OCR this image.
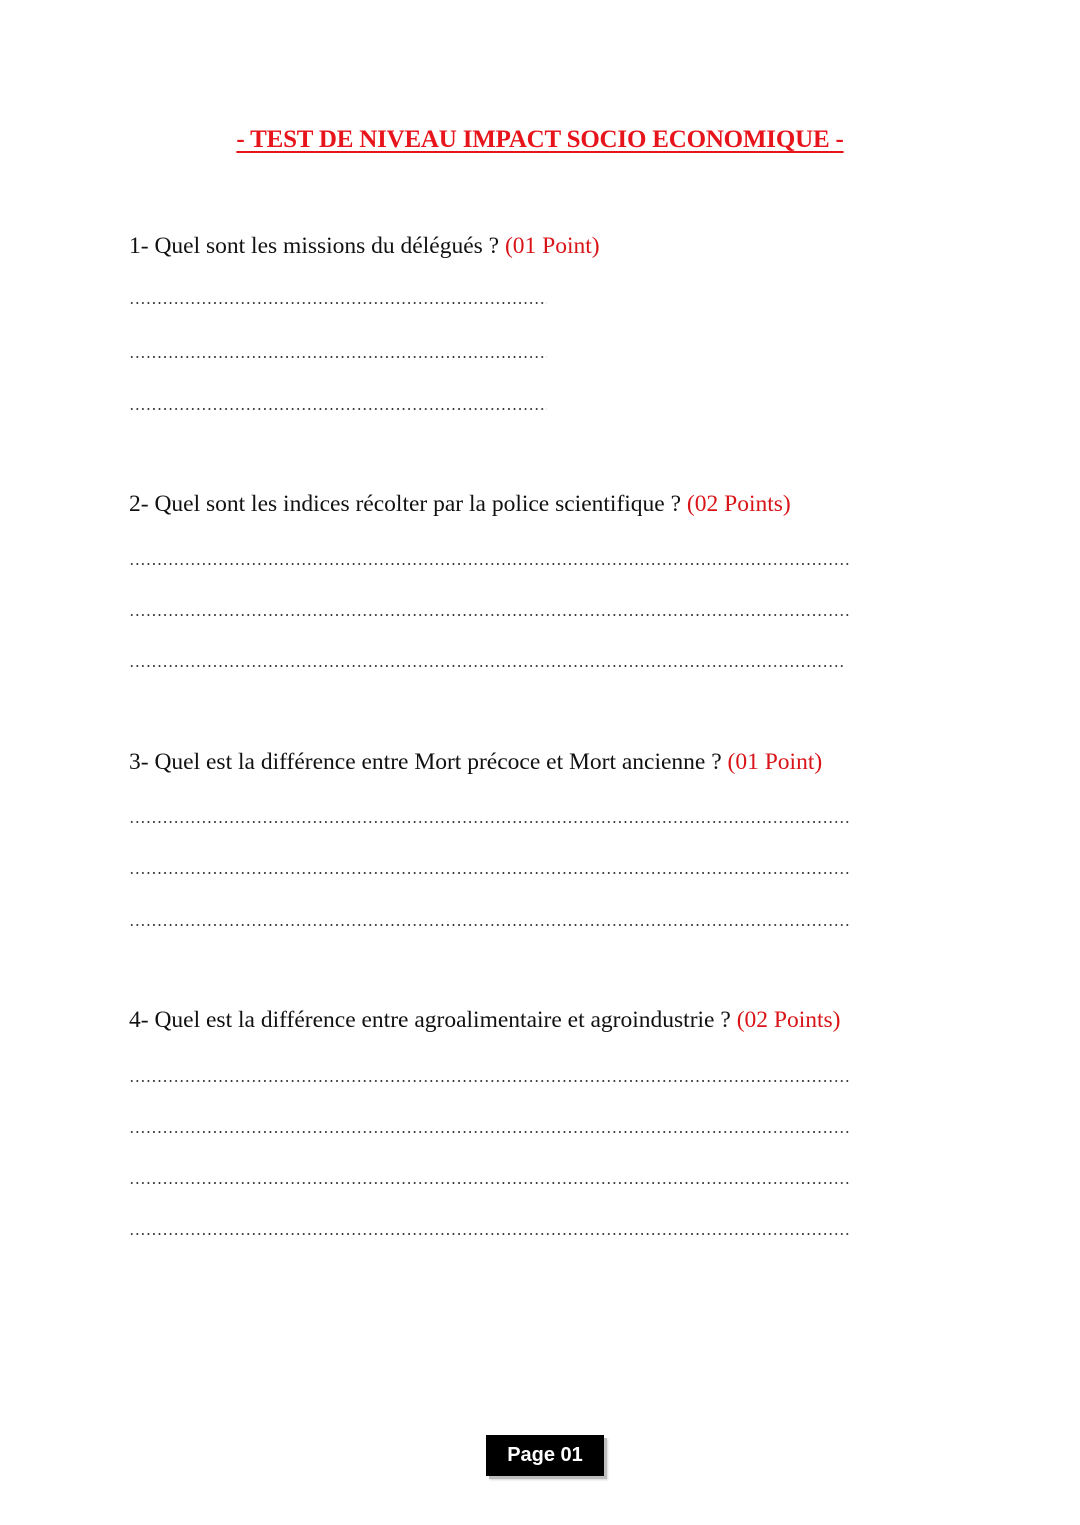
- TEST DE NIVEAU IMPACT SOCIO ECONOMIQUE -
1- Quel sont les missions du délégués ? (01 Point)
2- Quel sont les indices récolter par la police scientifique ? (02 Points)
3- Quel est la différence entre Mort précoce et Mort ancienne ? (01 Point)
4- Quel est la différence entre agroalimentaire et agroindustrie ? (02 Points)
Page 01
